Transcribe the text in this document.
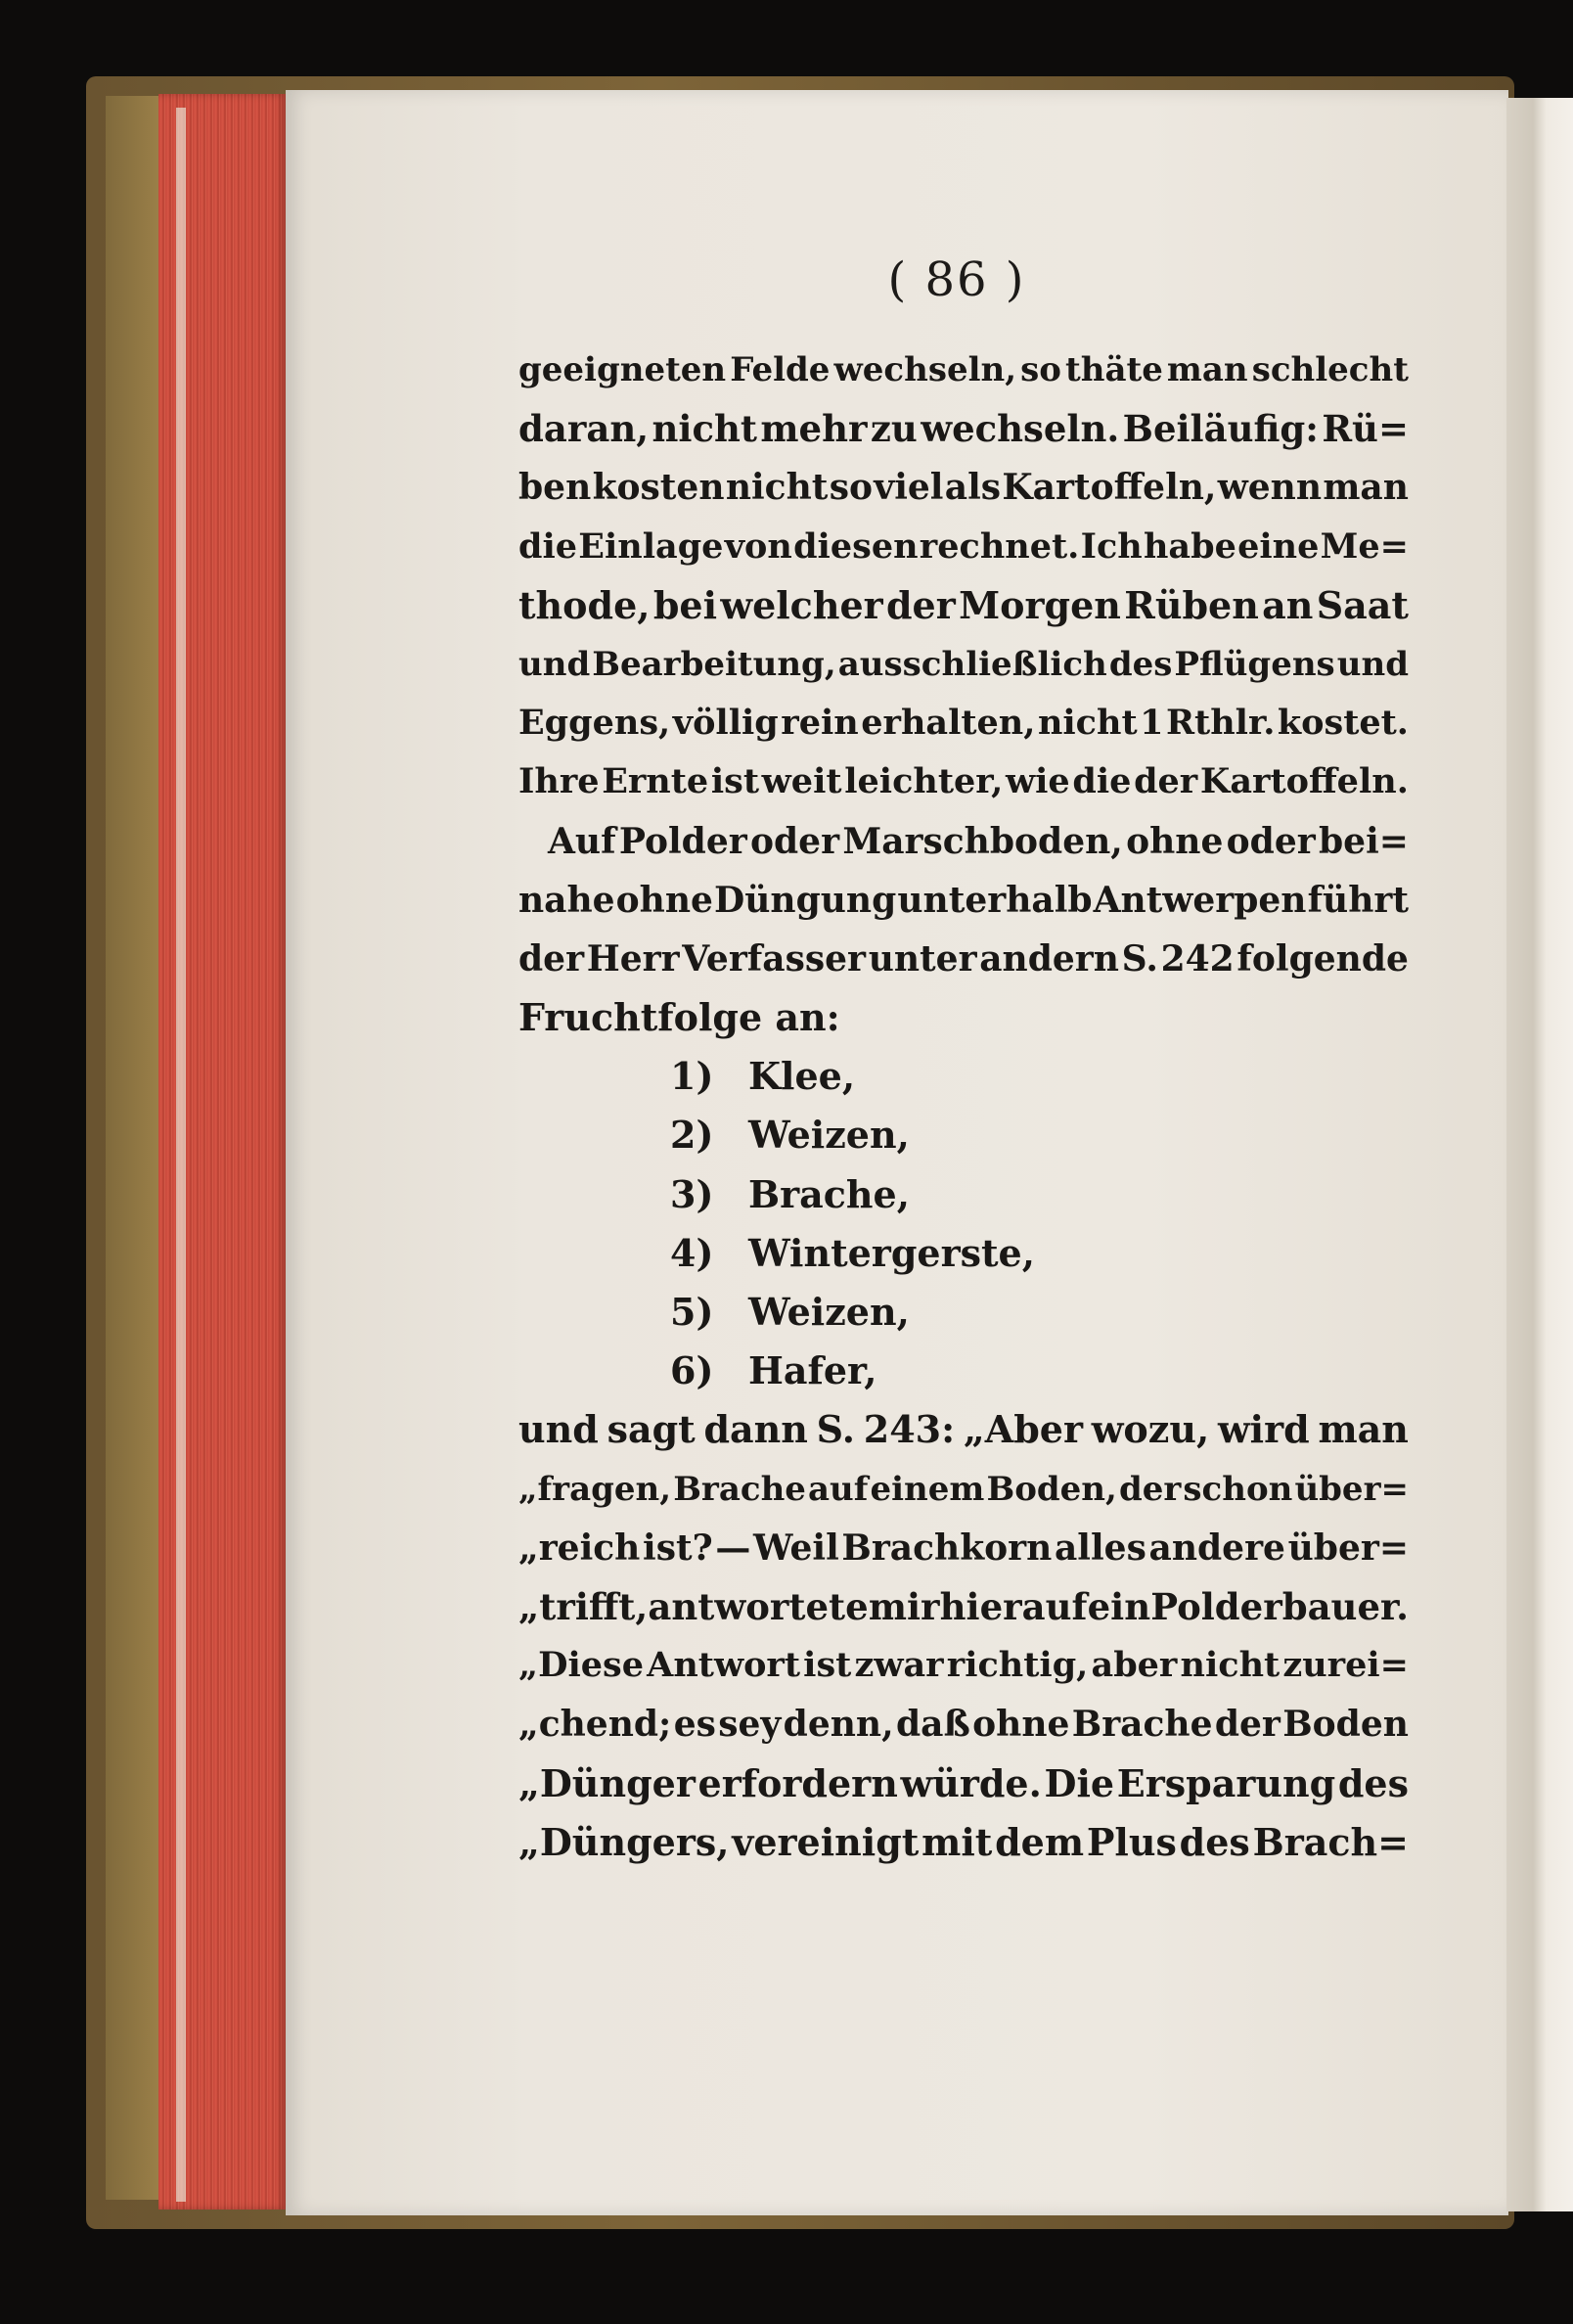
( 86 )
geeigneten Felde wechseln, so thäte man schlecht
daran, nicht mehr zu wechseln. Beiläufig: Rü=
ben kosten nicht so viel als Kartoffeln, wenn man
die Einlage von diesen rechnet. Ich habe eine Me=
thode, bei welcher der Morgen Rüben an Saat
und Bearbeitung, ausschließlich des Pflügens und
Eggens, völlig rein erhalten, nicht 1 Rthlr. kostet.
Ihre Ernte ist weit leichter, wie die der Kartoffeln.
Auf Polder oder Marschboden, ohne oder bei=
nahe ohne Düngung unterhalb Antwerpen führt
der Herr Verfasser unter andern S. 242 folgende
Fruchtfolge an:
1) Klee,
2) Weizen,
3) Brache,
4) Wintergerste,
5) Weizen,
6) Hafer,
und sagt dann S. 243: „Aber wozu, wird man
„fragen, Brache auf einem Boden, der schon über=
„reich ist? — Weil Brachkorn alles andere über=
„trifft, antwortete mir hierauf ein Polderbauer.
„Diese Antwort ist zwar richtig, aber nicht zurei=
„chend; es sey denn, daß ohne Brache der Boden
„Dünger erfordern würde. Die Ersparung des
„Düngers, vereinigt mit dem Plus des Brach=
